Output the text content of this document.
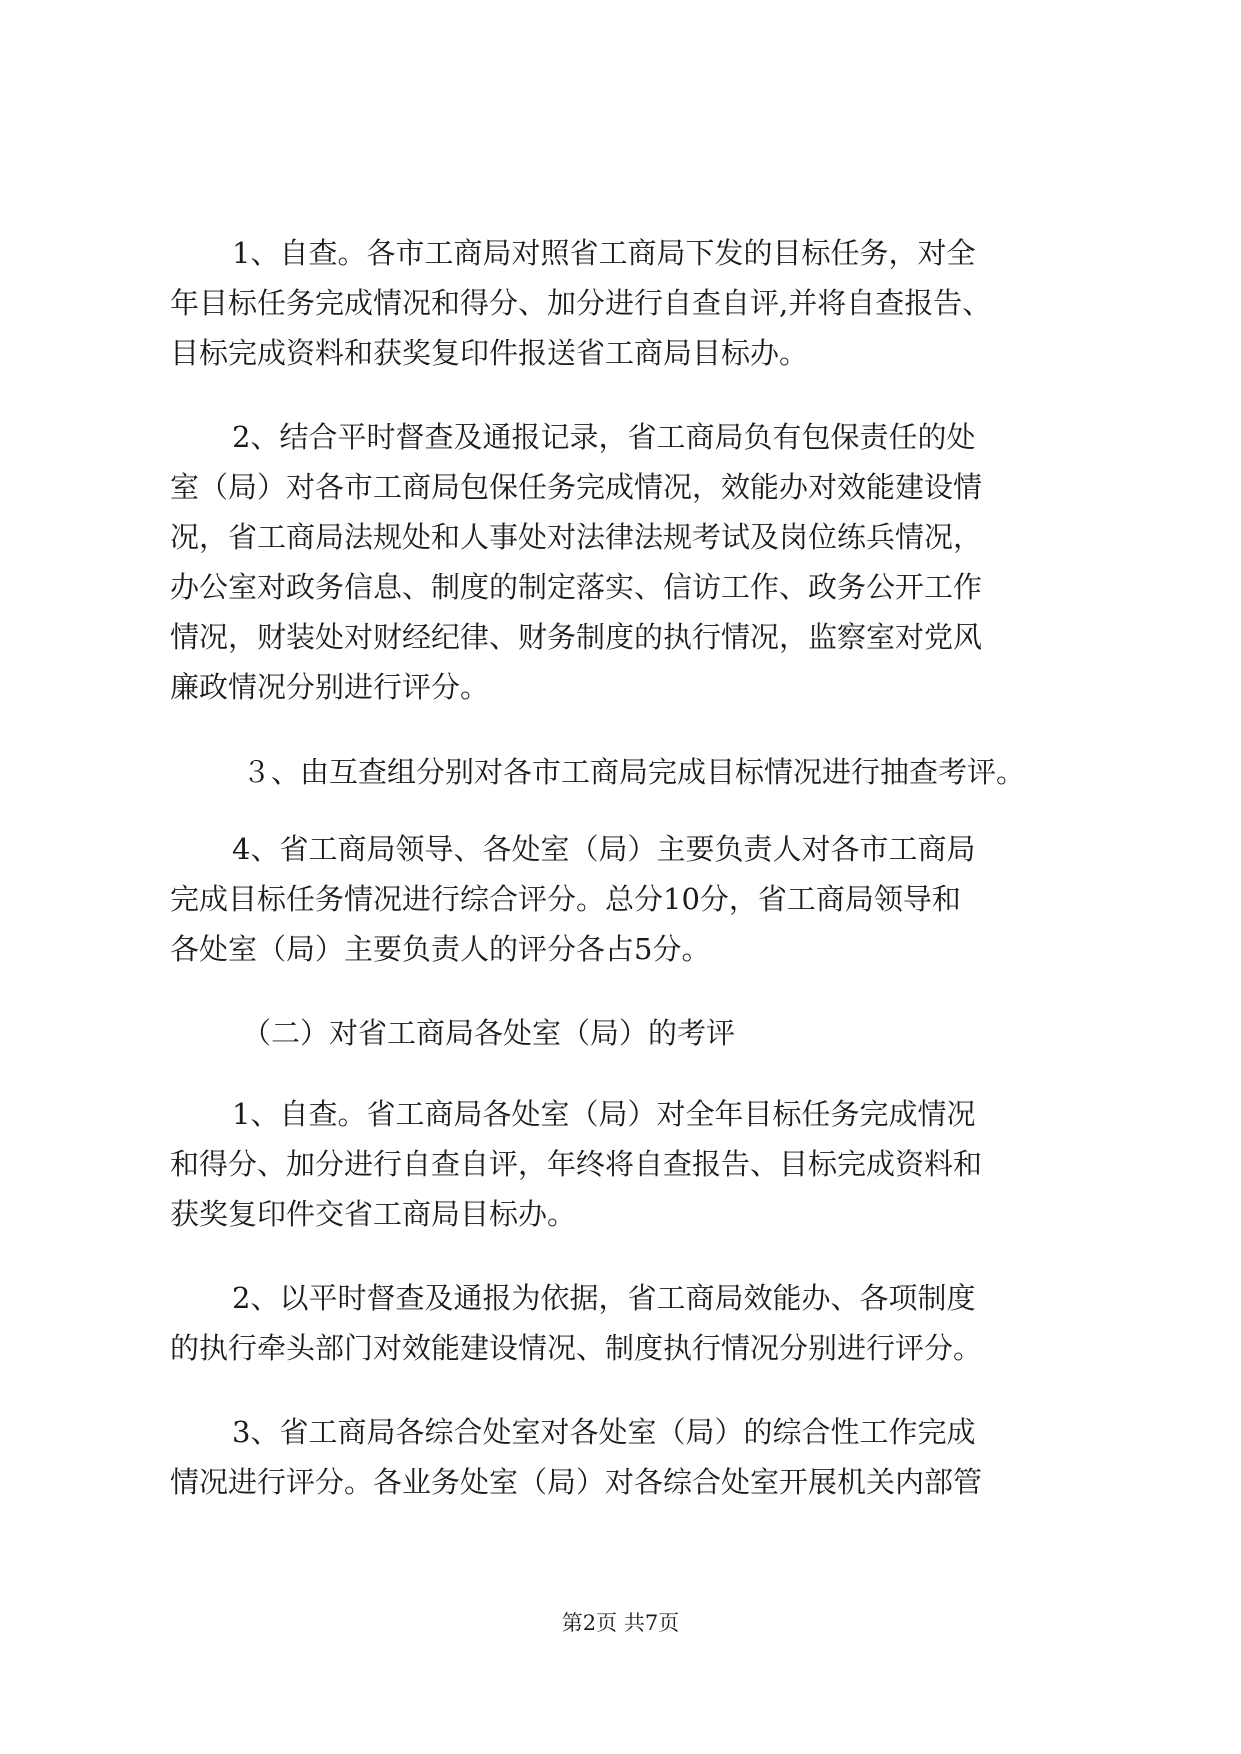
1、自查。各市工商局对照省工商局下发的目标任务，对全

年目标任务完成情况和得分、加分进行自查自评,并将自查报告、

目标完成资料和获奖复印件报送省工商局目标办。

2、结合平时督查及通报记录，省工商局负有包保责任的处

室（局）对各市工商局包保任务完成情况，效能办对效能建设情

况，省工商局法规处和人事处对法律法规考试及岗位练兵情况，

办公室对政务信息、制度的制定落实、信访工作、政务公开工作

情况，财装处对财经纪律、财务制度的执行情况，监察室对党风

廉政情况分别进行评分。

３、由互查组分别对各市工商局完成目标情况进行抽查考评。

4、省工商局领导、各处室（局）主要负责人对各市工商局

完成目标任务情况进行综合评分。总分10分，省工商局领导和

各处室（局）主要负责人的评分各占5分。

（二）对省工商局各处室（局）的考评

1、自查。省工商局各处室（局）对全年目标任务完成情况

和得分、加分进行自查自评，年终将自查报告、目标完成资料和

获奖复印件交省工商局目标办。

2、以平时督查及通报为依据，省工商局效能办、各项制度

的执行牵头部门对效能建设情况、制度执行情况分别进行评分。

3、省工商局各综合处室对各处室（局）的综合性工作完成

情况进行评分。各业务处室（局）对各综合处室开展机关内部管

第2页 共7页
